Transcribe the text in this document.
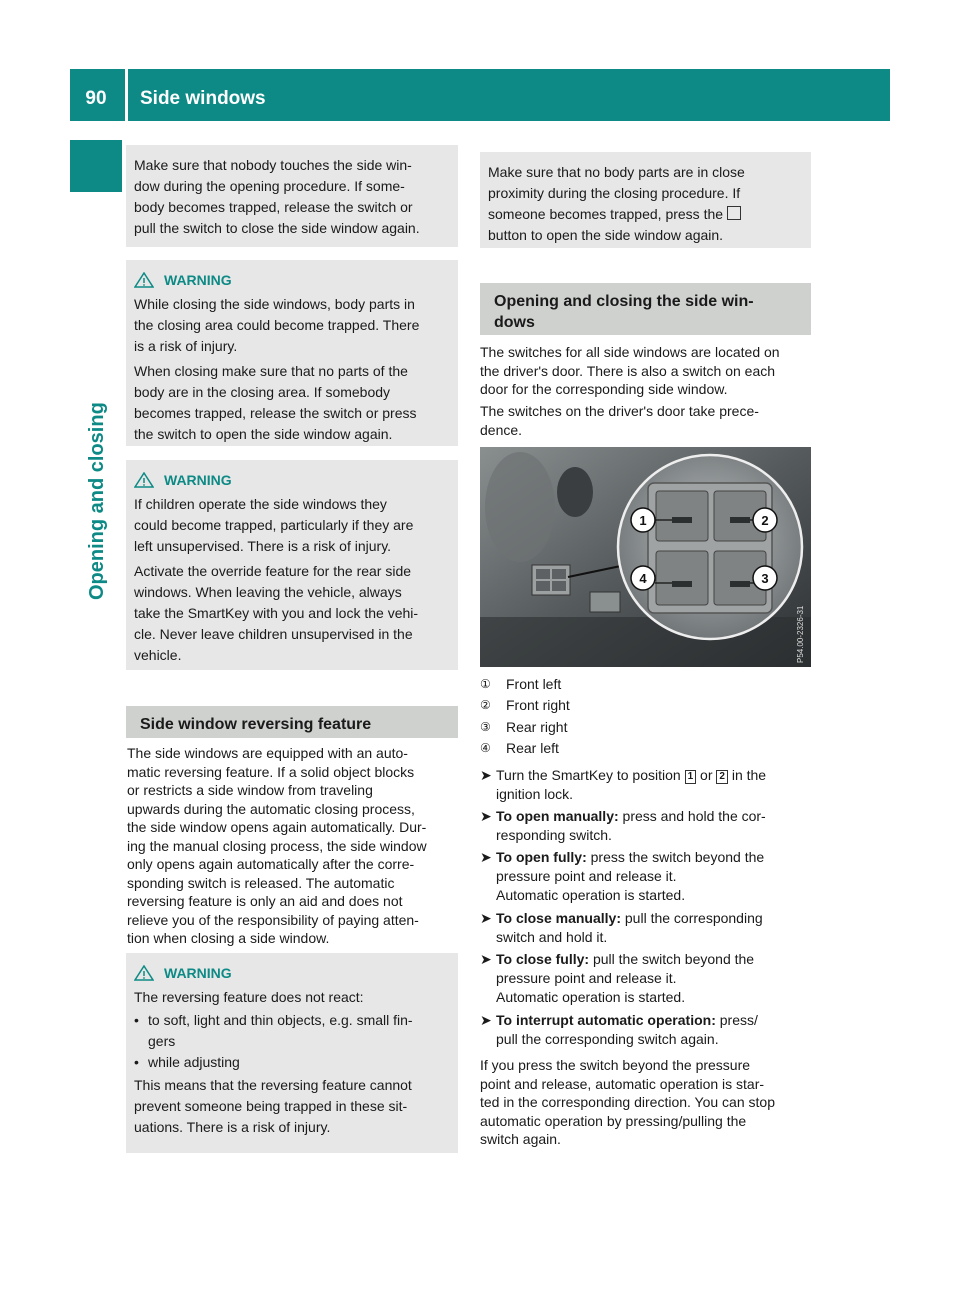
90	Side windows
Opening and closing

Make sure that nobody touches the side win-

dow during the opening procedure. If some-

body becomes trapped, release the switch or

pull the switch to close the side window again.

WARNING

While closing the side windows, body parts in

the closing area could become trapped. There

is a risk of injury.

When closing make sure that no parts of the

body are in the closing area. If somebody

becomes trapped, release the switch or press

the switch to open the side window again.

WARNING

If children operate the side windows they

could become trapped, particularly if they are

left unsupervised. There is a risk of injury.

Activate the override feature for the rear side

windows. When leaving the vehicle, always

take the SmartKey with you and lock the vehi-

cle. Never leave children unsupervised in the

vehicle.

Side window reversing feature
The side windows are equipped with an auto-
matic reversing feature. If a solid object blocks
or restricts a side window from traveling
upwards during the automatic closing process,
the side window opens again automatically. Dur-
ing the manual closing process, the side window
only opens again automatically after the corre-
sponding switch is released. The automatic
reversing feature is only an aid and does not
relieve you of the responsibility of paying atten-
tion when closing a side window.
WARNING

The reversing feature does not react:

• to soft, light and thin objects, e.g. small fin-
gers
• while adjusting

This means that the reversing feature cannot

prevent someone being trapped in these sit-

uations. There is a risk of injury.

Make sure that no body parts are in close

proximity during the closing procedure. If

someone becomes trapped, press the

button to open the side window again.

Opening and closing the side win-
dows
The switches for all side windows are located on
the driver's door. There is also a switch on each
door for the corresponding side window.
The switches on the driver's door take prece-
dence.
1	2
3
4
P54.00-2326-31
①	Front left
②	Front right
③	Rear right
④	Rear left
➤ Turn the SmartKey to position 1 or 2 in the
ignition lock.
➤ To open manually: press and hold the cor-
responding switch.
➤ To open fully: press the switch beyond the
pressure point and release it.
Automatic operation is started.
➤ To close manually: pull the corresponding
switch and hold it.
➤ To close fully: pull the switch beyond the
pressure point and release it.
Automatic operation is started.
➤ To interrupt automatic operation: press/
pull the corresponding switch again.
If you press the switch beyond the pressure
point and release, automatic operation is star-
ted in the corresponding direction. You can stop
automatic operation by pressing/pulling the
switch again.
